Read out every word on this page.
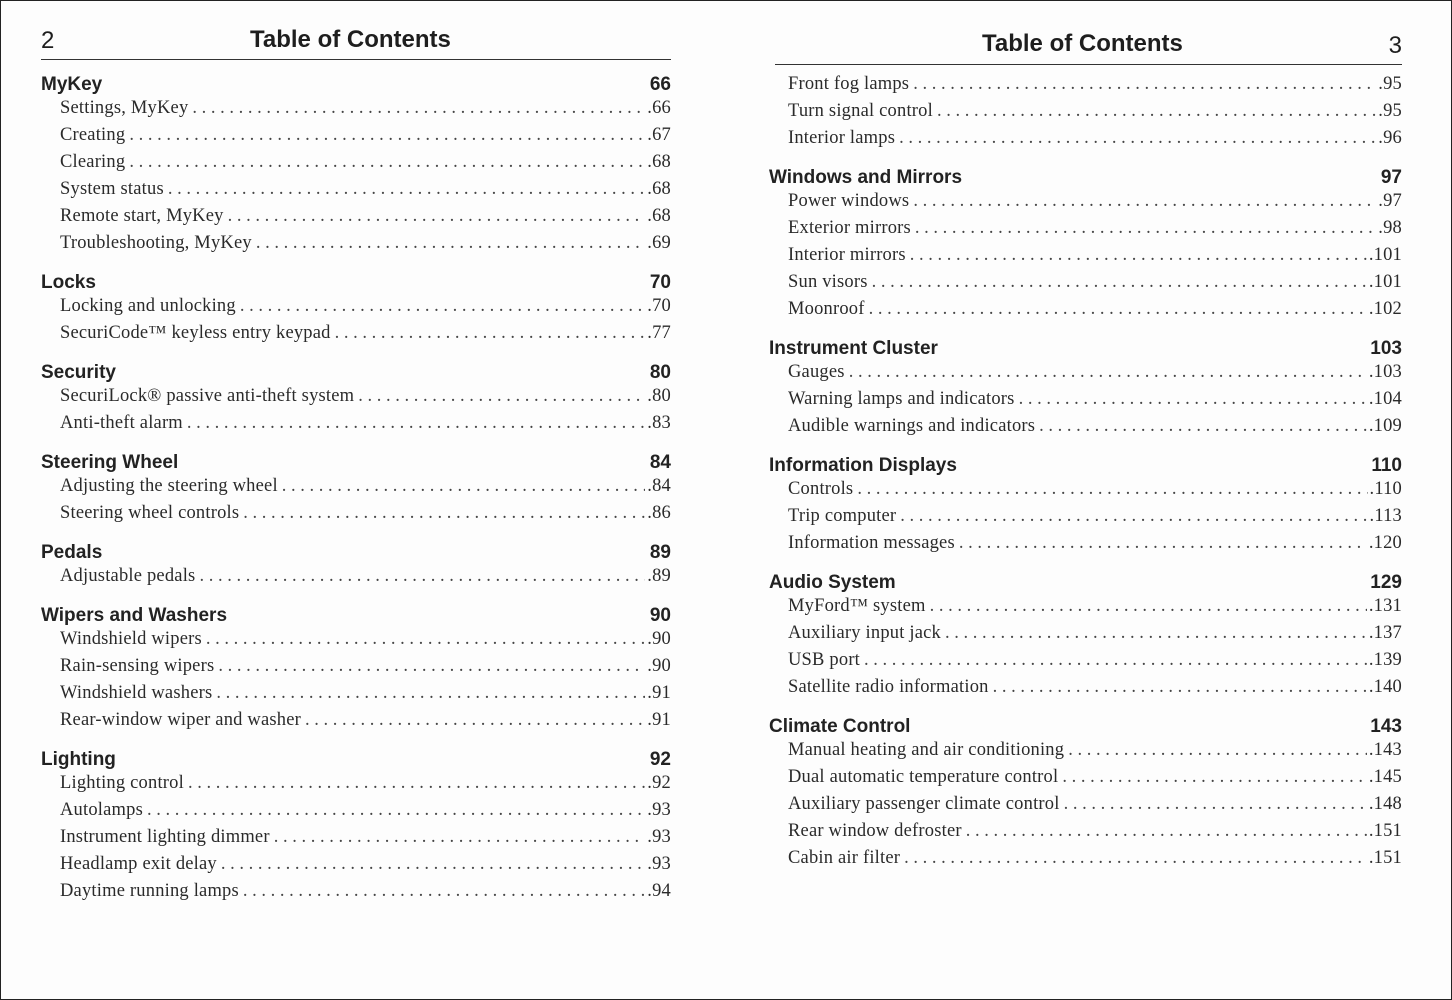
2	Table of Contents
MyKey	66
Settings, MyKey . . .	.66
Creating . . .	.67
Clearing . . .	.68
System status . . .	.68
Remote start, MyKey . . .	.68
Troubleshooting, MyKey . . .	.69
Locks	70
Locking and unlocking . . .	.70
SecuriCode™ keyless entry keypad . . .	.77
Security	80
SecuriLock® passive anti-theft system . . .	.80
Anti-theft alarm . . .	.83
Steering Wheel	84
Adjusting the steering wheel . . .	.84
Steering wheel controls . . .	.86
Pedals	89
Adjustable pedals . . .	.89
Wipers and Washers	90
Windshield wipers . . .	.90
Rain-sensing wipers . . .	.90
Windshield washers . . .	.91
Rear-window wiper and washer . . .	.91
Lighting	92
Lighting control . . .	.92
Autolamps . . .	.93
Instrument lighting dimmer . . .	.93
Headlamp exit delay . . .	.93
Daytime running lamps . . .	.94
Table of Contents	3
Front fog lamps . . .	.95
Turn signal control . . .	.95
Interior lamps . . .	.96
Windows and Mirrors	97
Power windows . . .	.97
Exterior mirrors . . .	.98
Interior mirrors . . .	.101
Sun visors . . .	.101
Moonroof . . .	.102
Instrument Cluster	103
Gauges . . .	.103
Warning lamps and indicators . . .	.104
Audible warnings and indicators . . .	.109
Information Displays	110
Controls . . .	.110
Trip computer . . .	.113
Information messages . . .	.120
Audio System	129
MyFord™ system . . .	.131
Auxiliary input jack . . .	.137
USB port . . .	.139
Satellite radio information . . .	.140
Climate Control	143
Manual heating and air conditioning . . .	.143
Dual automatic temperature control . . .	.145
Auxiliary passenger climate control . . .	.148
Rear window defroster . . .	.151
Cabin air filter . . .	.151
